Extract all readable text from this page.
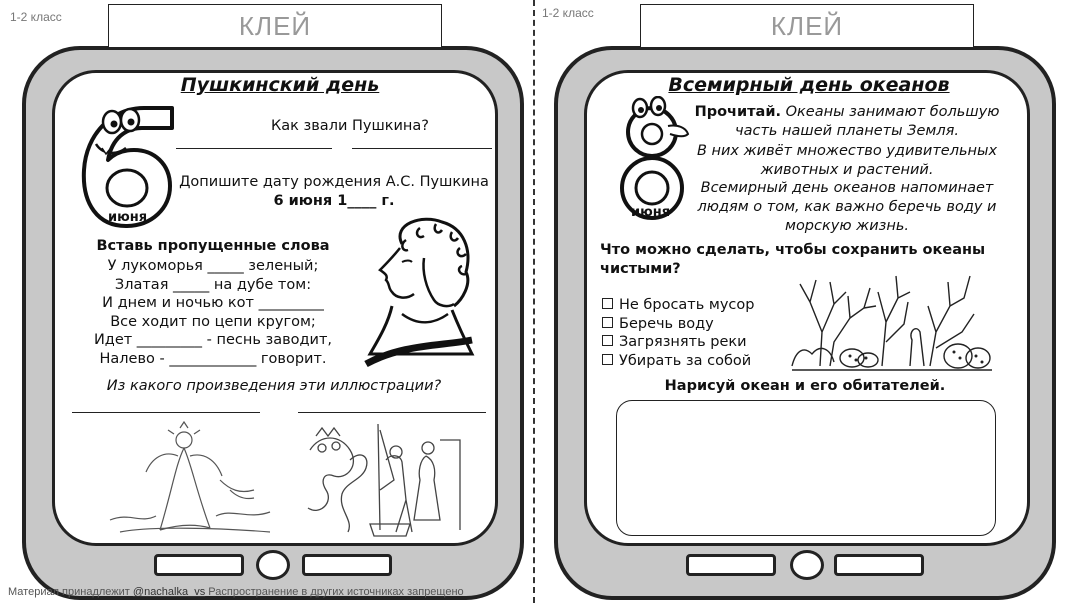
1-2 класс	1-2 класс
КЛЕЙ
Пушкинский день
июня
Как звали Пушкина?
Допишите дату рождения А.С. Пушкина
6 июня 1____ г.
Вставь пропущенные слова
У лукоморья _____ зеленый;
Златая _____ на дубе том:
И днем и ночью кот _________
Все ходит по цепи кругом;
Идет _________ - песнь заводит,
Налево - ____________ говорит.
Из какого произведения эти иллюстрации?
КЛЕЙ
Всемирный день океанов
июня
Прочитай. Океаны занимают большую
часть нашей планеты Земля.
В них живёт множество удивительных
животных и растений.
Всемирный день океанов напоминает
людям о том, как важно беречь воду и
морскую жизнь.
Что можно сделать, чтобы сохранить океаны
чистыми?
Не бросать мусор
Беречь воду
Загрязнять реки
Убирать за собой
Нарисуй океан и его обитателей.
Материал принадлежит @nachalka_vs Распространение в других источниках запрещено
